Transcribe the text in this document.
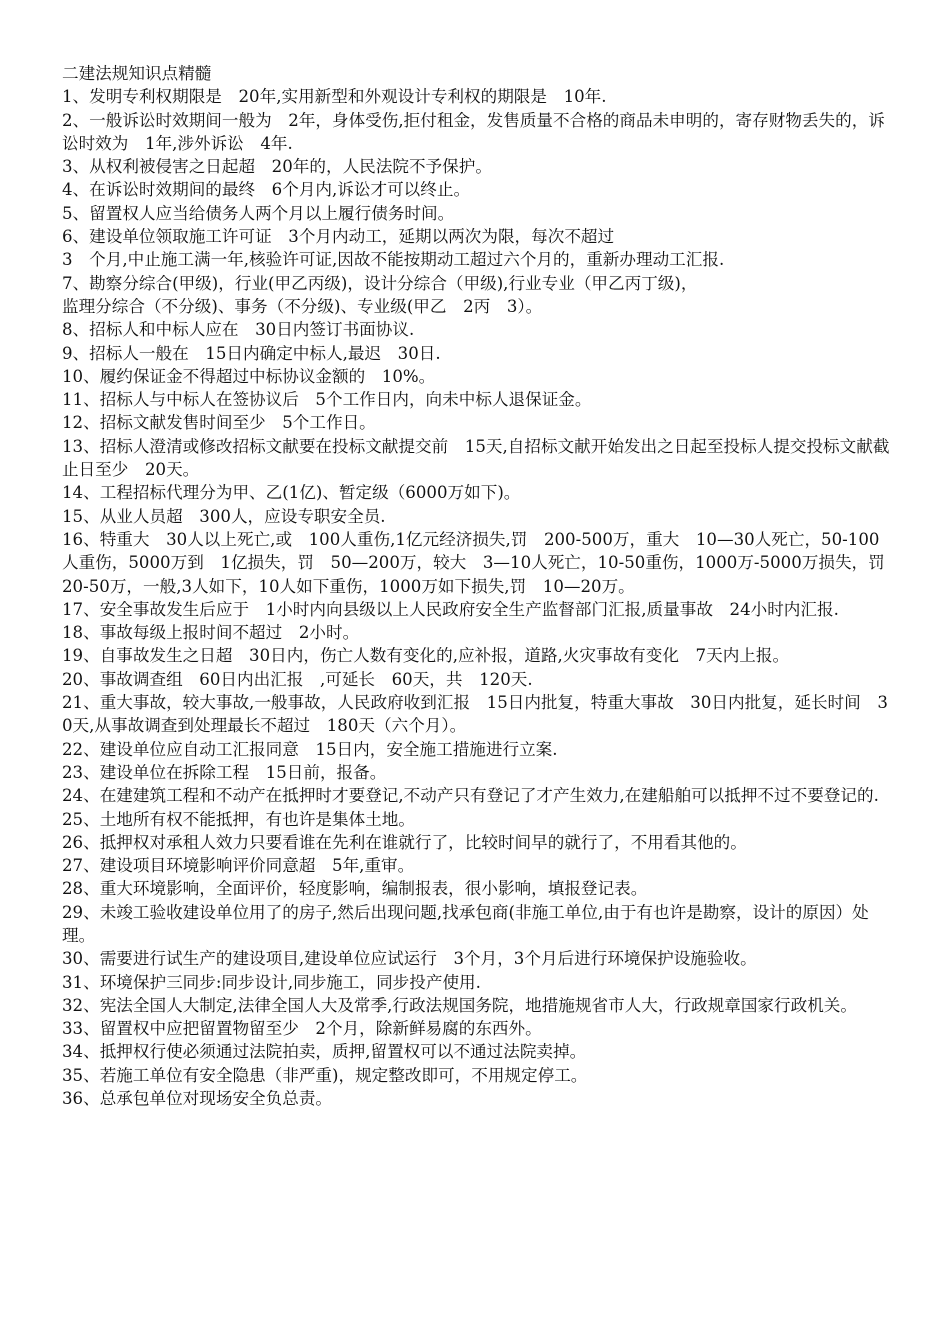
二建法规知识点精髓

1、发明专利权期限是　20年,实用新型和外观设计专利权的期限是　10年.

2、一般诉讼时效期间一般为　2年，身体受伤,拒付租金，发售质量不合格的商品未申明的，寄存财物丢失的，诉讼时效为　1年,涉外诉讼　4年.

3、从权利被侵害之日起超　20年的，人民法院不予保护。

4、在诉讼时效期间的最终　6个月内,诉讼才可以终止。

5、留置权人应当给债务人两个月以上履行债务时间。

6、建设单位领取施工许可证　3个月内动工，延期以两次为限，每次不超过

3　个月,中止施工满一年,核验许可证,因故不能按期动工超过六个月的，重新办理动工汇报.

7、勘察分综合(甲级)，行业(甲乙丙级)，设计分综合（甲级),行业专业（甲乙丙丁级)，

监理分综合（不分级)、事务（不分级)、专业级(甲乙　2丙　3）。

8、招标人和中标人应在　30日内签订书面协议.

9、招标人一般在　15日内确定中标人,最迟　30日.

10、履约保证金不得超过中标协议金额的　10%。

11、招标人与中标人在签协议后　5个工作日内，向未中标人退保证金。

12、招标文献发售时间至少　5个工作日。

13、招标人澄清或修改招标文献要在投标文献提交前　15天,自招标文献开始发出之日起至投标人提交投标文献截止日至少　20天。

14、工程招标代理分为甲、乙(1亿)、暂定级（6000万如下)。

15、从业人员超　300人，应设专职安全员.

16、特重大　30人以上死亡,或　100人重伤,1亿元经济损失,罚　200-500万，重大　10—30人死亡，50-100人重伤，5000万到　1亿损失，罚　50—200万，较大　3—10人死亡，10-50重伤，1000万-5000万损失，罚　20-50万，一般,3人如下，10人如下重伤，1000万如下损失,罚　10—20万。

17、安全事故发生后应于　1小时内向县级以上人民政府安全生产监督部门汇报,质量事故　24小时内汇报.

18、事故每级上报时间不超过　2小时。

19、自事故发生之日超　30日内，伤亡人数有变化的,应补报，道路,火灾事故有变化　7天内上报。

20、事故调查组　60日内出汇报　,可延长　60天，共　120天.

21、重大事故，较大事故,一般事故，人民政府收到汇报　15日内批复，特重大事故　30日内批复，延长时间　30天,从事故调查到处理最长不超过　180天（六个月）。

22、建设单位应自动工汇报同意　15日内，安全施工措施进行立案.

23、建设单位在拆除工程　15日前，报备。

24、在建建筑工程和不动产在抵押时才要登记,不动产只有登记了才产生效力,在建船舶可以抵押不过不要登记的.

25、土地所有权不能抵押，有也许是集体土地。

26、抵押权对承租人效力只要看谁在先利在谁就行了，比较时间早的就行了，不用看其他的。

27、建设项目环境影响评价同意超　5年,重审。

28、重大环境影响，全面评价，轻度影响，编制报表，很小影响，填报登记表。

29、未竣工验收建设单位用了的房子,然后出现问题,找承包商(非施工单位,由于有也许是勘察，设计的原因）处理。

30、需要进行试生产的建设项目,建设单位应试运行　3个月，3个月后进行环境保护设施验收。

31、环境保护三同步:同步设计,同步施工，同步投产使用.

32、宪法全国人大制定,法律全国人大及常季,行政法规国务院，地措施规省市人大，行政规章国家行政机关。

33、留置权中应把留置物留至少　2个月，除新鲜易腐的东西外。

34、抵押权行使必须通过法院拍卖，质押,留置权可以不通过法院卖掉。

35、若施工单位有安全隐患（非严重)，规定整改即可，不用规定停工。

36、总承包单位对现场安全负总责。
